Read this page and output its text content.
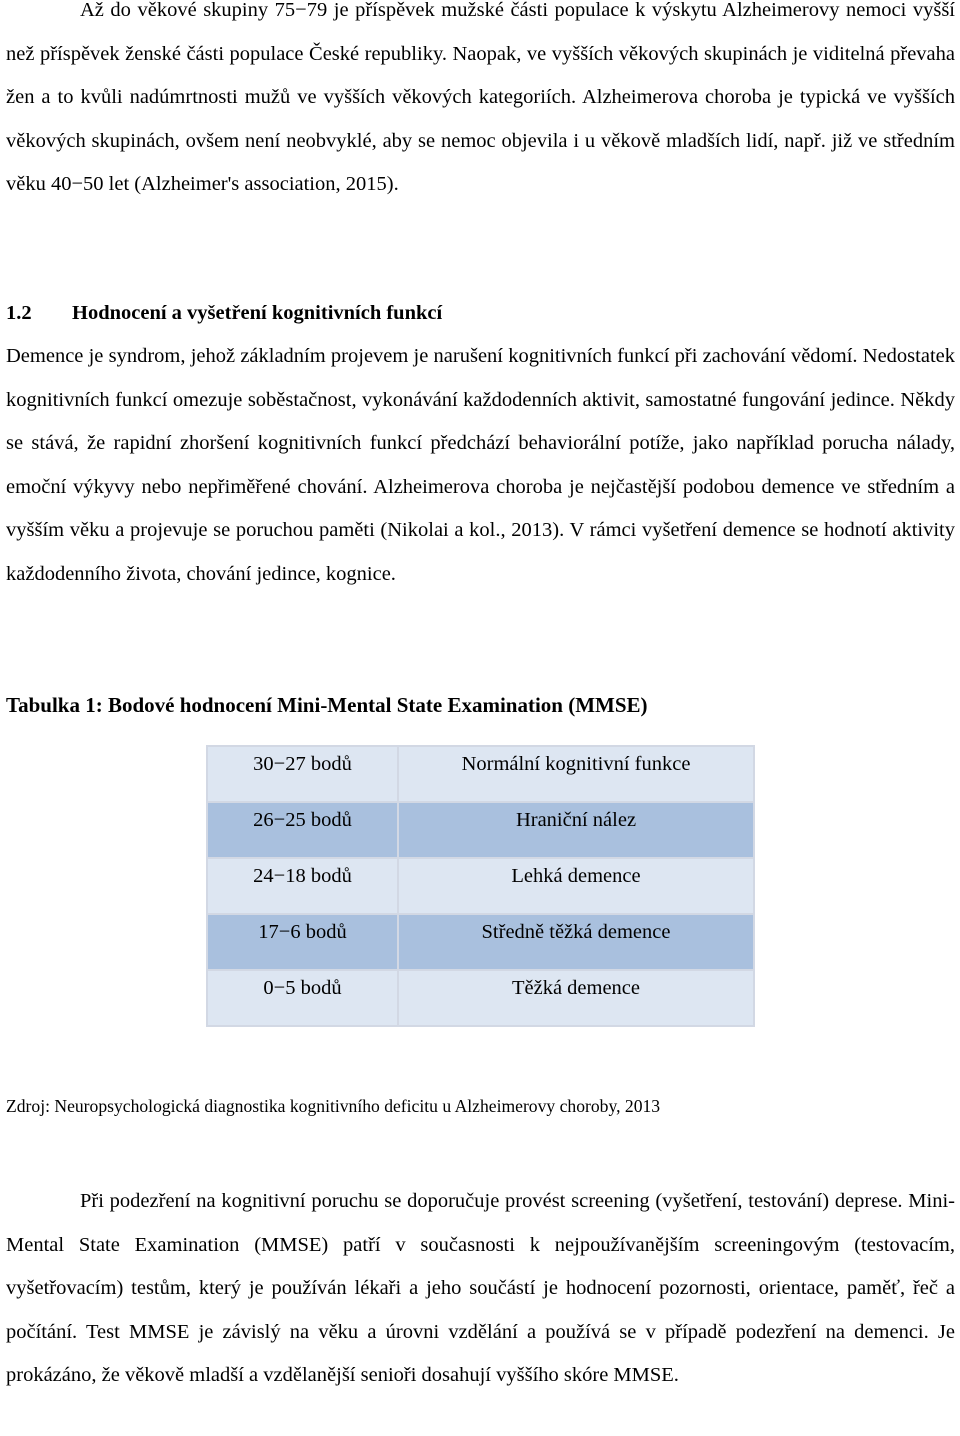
Až do věkové skupiny 75−79 je příspěvek mužské části populace k výskytu Alzheimerovy nemoci vyšší než příspěvek ženské části populace České republiky. Naopak, ve vyšších věkových skupinách je viditelná převaha žen a to kvůli nadúmrtnosti mužů ve vyšších věkových kategoriích. Alzheimerova choroba je typická ve vyšších věkových skupinách, ovšem není neobvyklé, aby se nemoc objevila i u věkově mladších lidí, např. již ve středním věku 40−50 let (Alzheimer's association, 2015).

1.2 Hodnocení a vyšetření kognitivních funkcí

Demence je syndrom, jehož základním projevem je narušení kognitivních funkcí při zachování vědomí. Nedostatek kognitivních funkcí omezuje soběstačnost, vykonávání každodenních aktivit, samostatné fungování jedince. Někdy se stává, že rapidní zhoršení kognitivních funkcí předchází behaviorální potíže, jako například porucha nálady, emoční výkyvy nebo nepřiměřené chování. Alzheimerova choroba je nejčastější podobou demence ve středním a vyšším věku a projevuje se poruchou paměti (Nikolai a kol., 2013). V rámci vyšetření demence se hodnotí aktivity každodenního života, chování jedince, kognice.

Tabulka 1: Bodové hodnocení Mini-Mental State Examination (MMSE)

30−27 bodů	Normální kognitivní funkce
26−25 bodů	Hraniční nález
24−18 bodů	Lehká demence
17−6 bodů	Středně těžká demence
0−5 bodů	Těžká demence

Zdroj: Neuropsychologická diagnostika kognitivního deficitu u Alzheimerovy choroby, 2013

Při podezření na kognitivní poruchu se doporučuje provést screening (vyšetření, testování) deprese. Mini-Mental State Examination (MMSE) patří v současnosti k nejpoužívanějším screeningovým (testovacím, vyšetřovacím) testům, který je používán lékaři a jeho součástí je hodnocení pozornosti, orientace, paměť, řeč a počítání. Test MMSE je závislý na věku a úrovni vzdělání a používá se v případě podezření na demenci. Je prokázáno, že věkově mladší a vzdělanější senioři dosahují vyššího skóre MMSE.
